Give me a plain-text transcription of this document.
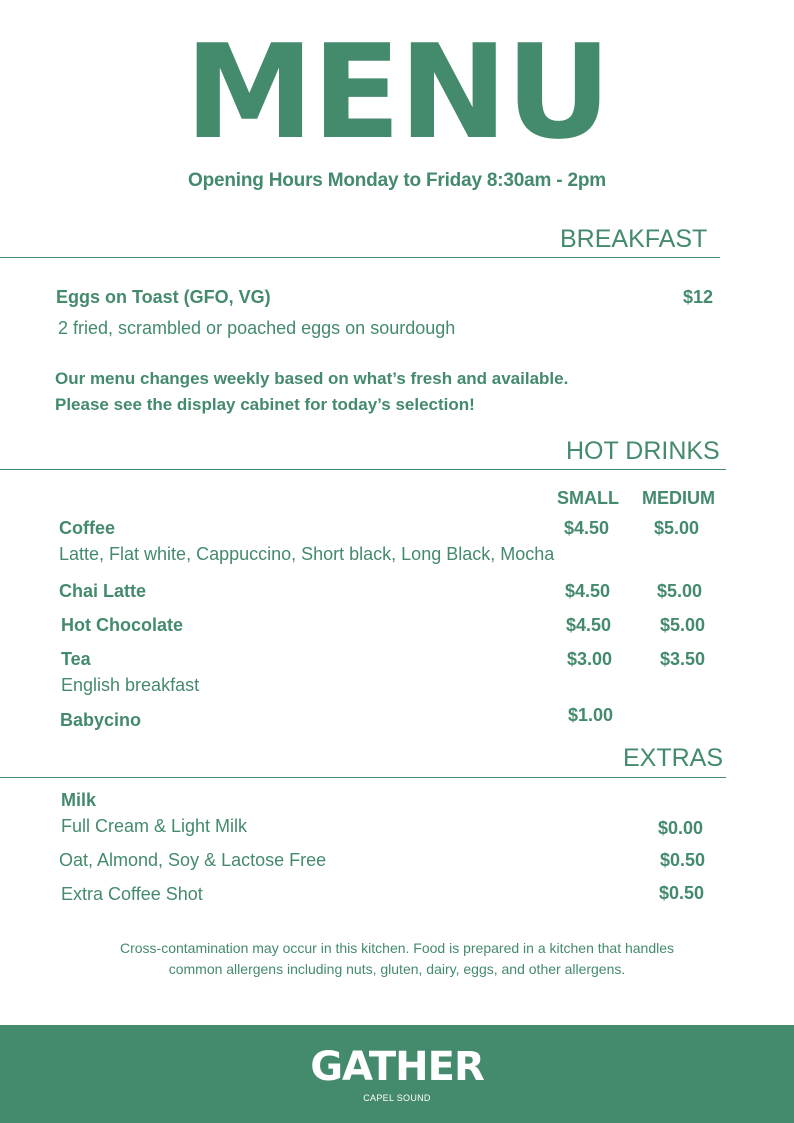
MENU
Opening Hours Monday to Friday 8:30am - 2pm
BREAKFAST
Eggs on Toast (GFO, VG)	$12
2 fried, scrambled or poached eggs on sourdough
Our menu changes weekly based on what’s fresh and available.
Please see the display cabinet for today’s selection!
HOT DRINKS
SMALL MEDIUM
Coffee	$4.50 $5.00
Latte, Flat white, Cappuccino, Short black, Long Black, Mocha
Chai Latte	$4.50	$5.00
Hot Chocolate	$4.50	$5.00
Tea	$3.00	$3.50
English breakfast
Babycino	$1.00
EXTRAS
Milk
Full Cream & Light Milk	$0.00
Oat, Almond, Soy & Lactose Free	$0.50
Extra Coffee Shot	$0.50
Cross-contamination may occur in this kitchen. Food is prepared in a kitchen that handles common allergens including nuts, gluten, dairy, eggs, and other allergens.
GATHER
CAPEL SOUND
